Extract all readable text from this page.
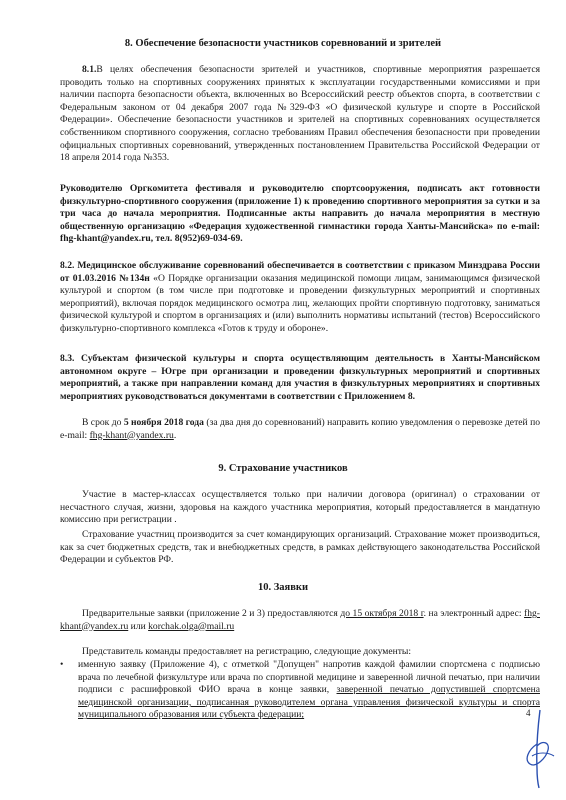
8. Обеспечение безопасности участников соревнований и зрителей

8.1.В целях обеспечения безопасности зрителей и участников, спортивные мероприятия разрешается проводить только на спортивных сооружениях принятых к эксплуатации государственными комиссиями и при наличии паспорта безопасности объекта, включенных во Всероссийский реестр объектов спорта, в соответствии с Федеральным законом от 04 декабря 2007 года №329-ФЗ «О физической культуре и спорте в Российской Федерации». Обеспечение безопасности участников и зрителей на спортивных соревнованиях осуществляется собственником спортивного сооружения, согласно требованиям Правил обеспечения безопасности при проведении официальных спортивных соревнований, утвержденных постановлением Правительства Российской Федерации от 18 апреля 2014 года №353.

Руководителю Оргкомитета фестиваля и руководителю спортсооружения, подписать акт готовности физкультурно-спортивного сооружения (приложение 1) к проведению спортивного мероприятия за сутки и за три часа до начала мероприятия. Подписанные акты направить до начала мероприятия в местную общественную организацию «Федерация художественной гимнастики города Ханты-Мансийска» по e-mail: fhg-khant@yandex.ru, тел. 8(952)69-034-69.

8.2. Медицинское обслуживание соревнований обеспечивается в соответствии с приказом Минздрава России от 01.03.2016 №134н «О Порядке организации оказания медицинской помощи лицам, занимающимся физической культурой и спортом (в том числе при подготовке и проведении физкультурных мероприятий и спортивных мероприятий), включая порядок медицинского осмотра лиц, желающих пройти спортивную подготовку, заниматься физической культурой и спортом в организациях и (или) выполнить нормативы испытаний (тестов) Всероссийского физкультурно-спортивного комплекса «Готов к труду и обороне».

8.3. Субъектам физической культуры и спорта осуществляющим деятельность в Ханты-Мансийском автономном округе – Югре при организации и проведении физкультурных мероприятий и спортивных мероприятий, а также при направлении команд для участия в физкультурных мероприятиях и спортивных мероприятиях руководствоваться документами в соответствии с Приложением 8.

В срок до 5 ноября 2018 года (за два дня до соревнований) направить копию уведомления о перевозке детей по e-mail: fhg-khant@yandex.ru.

9. Страхование участников

Участие в мастер-классах осуществляется только при наличии договора (оригинал) о страховании от несчастного случая, жизни, здоровья на каждого участника мероприятия, который предоставляется в мандатную комиссию при регистрации .

Страхование участниц производится за счет командирующих организаций. Страхование может производиться, как за счет бюджетных средств, так и внебюджетных средств, в рамках действующего законодательства Российской Федерации и субъектов РФ.

10. Заявки

Предварительные заявки (приложение 2 и 3) предоставляются до 15 октября 2018 г. на электронный адрес: fhg-khant@yandex.ru или korchak.olga@mail.ru

Представитель команды предоставляет на регистрацию, следующие документы:

•	именную заявку (Приложение 4), с отметкой "Допущен" напротив каждой фамилии спортсмена с подписью врача по лечебной физкультуре или врача по спортивной медицине и заверенной личной печатью, при наличии подписи с расшифровкой ФИО врача в конце заявки, заверенной печатью допустившей спортсмена медицинской организации, подписанная руководителем органа управления физической культуры и спорта муниципального образования или субъекта федерации;	4
